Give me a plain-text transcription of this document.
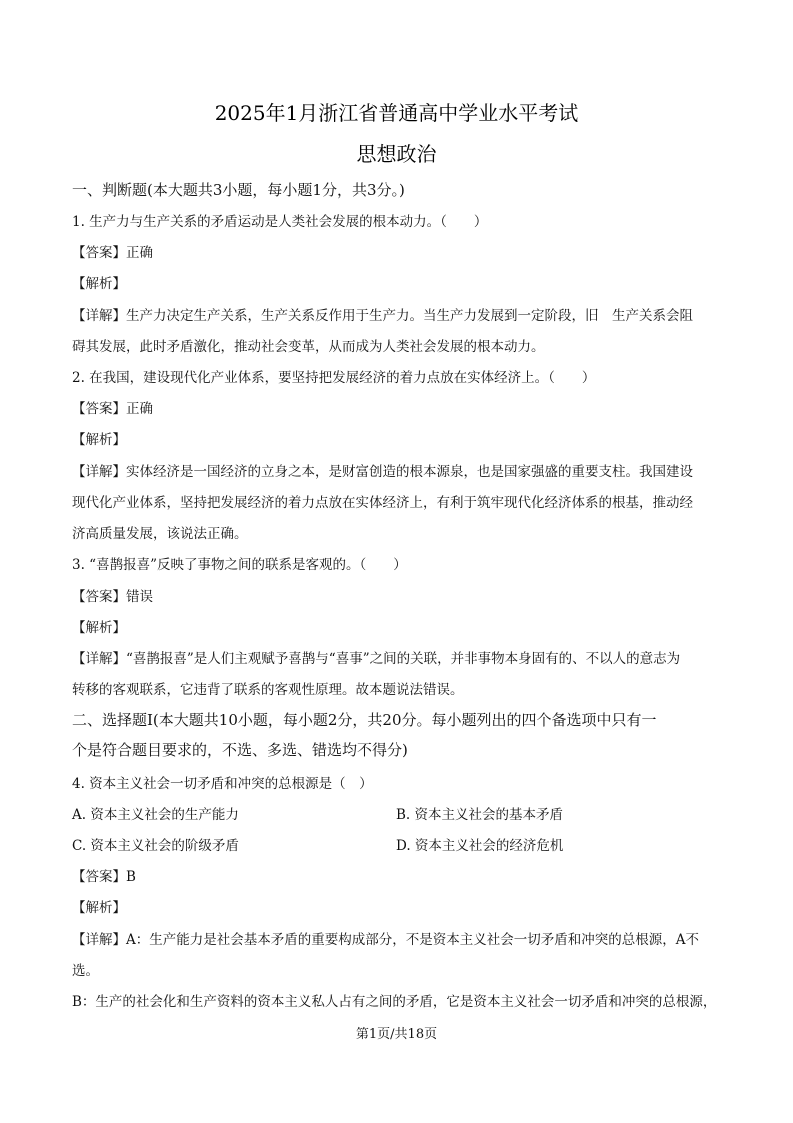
2025年1月浙江省普通高中学业水平考试
思想政治
一、判断题(本大题共3小题，每小题1分，共3分。)
1. 生产力与生产关系的矛盾运动是人类社会发展的根本动力。（　　）
【答案】正确
【解析】
【详解】生产力决定生产关系，生产关系反作用于生产力。当生产力发展到一定阶段，旧　生产关系会阻
碍其发展，此时矛盾激化，推动社会变革，从而成为人类社会发展的根本动力。
2. 在我国，建设现代化产业体系，要坚持把发展经济的着力点放在实体经济上。（　　）
【答案】正确
【解析】
【详解】实体经济是一国经济的立身之本，是财富创造的根本源泉，也是国家强盛的重要支柱。我国建设
现代化产业体系，坚持把发展经济的着力点放在实体经济上，有利于筑牢现代化经济体系的根基，推动经
济高质量发展，该说法正确。
3. “喜鹊报喜”反映了事物之间的联系是客观的。（　　）
【答案】错误
【解析】
【详解】“喜鹊报喜”是人们主观赋予喜鹊与“喜事”之间的关联，并非事物本身固有的、不以人的意志为
转移的客观联系，它违背了联系的客观性原理。故本题说法错误。
二、选择题Ⅰ(本大题共10小题，每小题2分，共20分。每小题列出的四个备选项中只有一
个是符合题目要求的，不选、多选、错选均不得分)
4. 资本主义社会一切矛盾和冲突的总根源是（　）
A. 资本主义社会的生产能力	B. 资本主义社会的基本矛盾
C. 资本主义社会的阶级矛盾	D. 资本主义社会的经济危机
【答案】B
【解析】
【详解】A：生产能力是社会基本矛盾的重要构成部分，不是资本主义社会一切矛盾和冲突的总根源，A不
选。
B：生产的社会化和生产资料的资本主义私人占有之间的矛盾，它是资本主义社会一切矛盾和冲突的总根源，
第1页/共18页
